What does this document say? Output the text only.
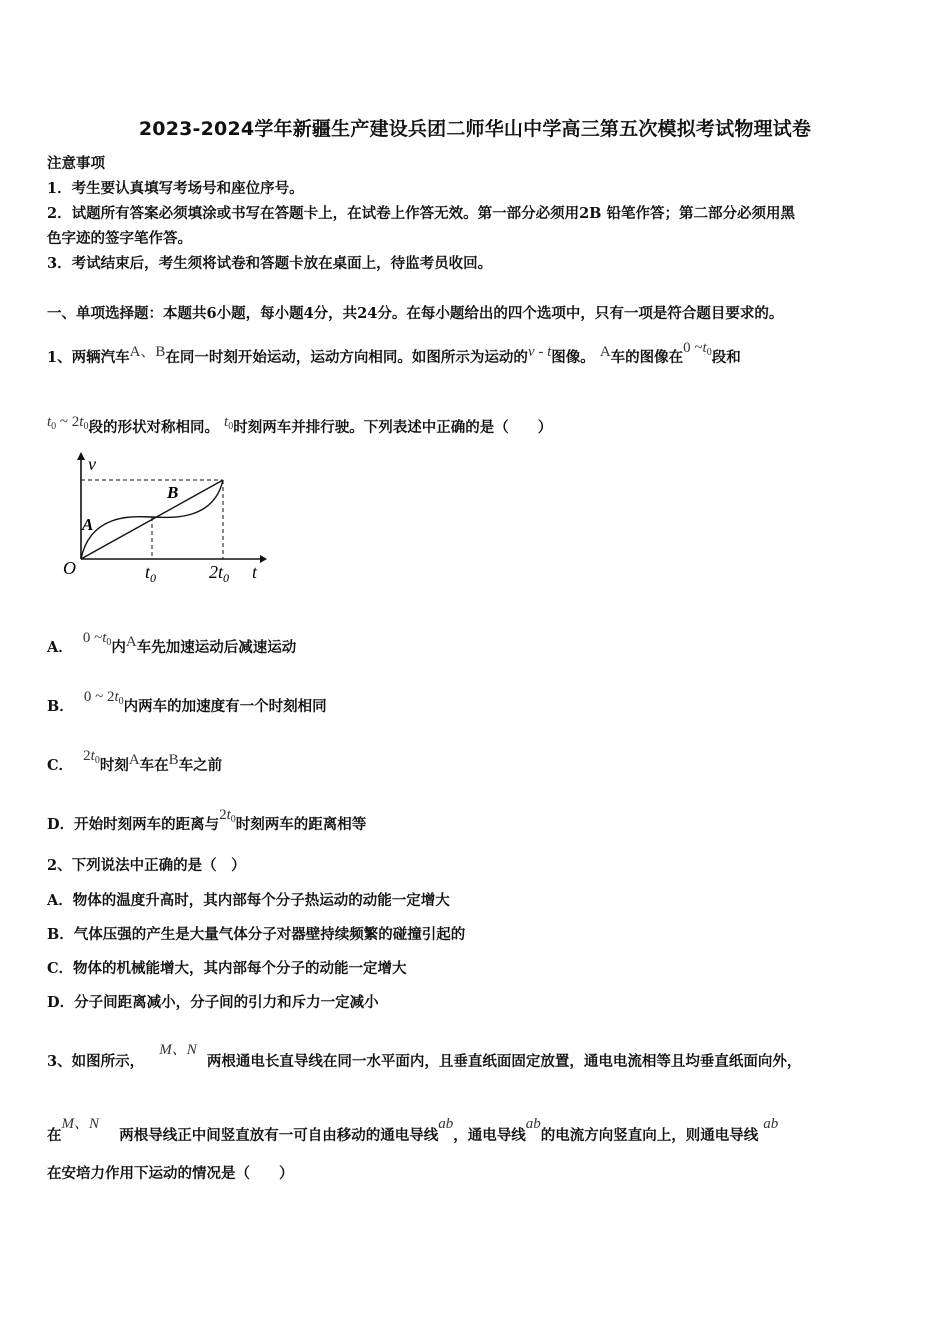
2023-2024学年新疆生产建设兵团二师华山中学高三第五次模拟考试物理试卷
注意事项
1．考生要认真填写考场号和座位序号。
2．试题所有答案必须填涂或书写在答题卡上，在试卷上作答无效。第一部分必须用2B 铅笔作答；第二部分必须用黑
色字迹的签字笔作答。
3．考试结束后，考生须将试卷和答题卡放在桌面上，待监考员收回。
一、单项选择题：本题共6小题，每小题4分，共24分。在每小题给出的四个选项中，只有一项是符合题目要求的。
1、两辆汽车A、B在同一时刻开始运动，运动方向相同。如图所示为运动的v - t图像。 A车的图像在0 $\sim t_0$段和
$t_0$ ~ $2t_0$段的形状对称相同。 $t_0$时刻两车并排行驶。下列表述中正确的是（　　）
v
t
O	$t_0$	$2t_0$
A
B
A．  0 $\sim t_0$内A车先加速运动后减速运动
B．  0 ~ $2t_0$内两车的加速度有一个时刻相同
C．  $2t_0$时刻A车在B车之前
D．开始时刻两车的距离与$2t_0$时刻两车的距离相等
2、下列说法中正确的是（　）
A．物体的温度升高时，其内部每个分子热运动的动能一定增大
B．气体压强的产生是大量气体分子对器壁持续频繁的碰撞引起的
C．物体的机械能增大，其内部每个分子的动能一定增大
D．分子间距离减小，分子间的引力和斥力一定减小
3、如图所示，   M、N  两根通电长直导线在同一水平面内，且垂直纸面固定放置，通电电流相等且均垂直纸面向外，
在M、N    两根导线正中间竖直放有一可自由移动的通电导线ab，通电导线ab的电流方向竖直向上，则通电导线 ab
在安培力作用下运动的情况是（　　）
